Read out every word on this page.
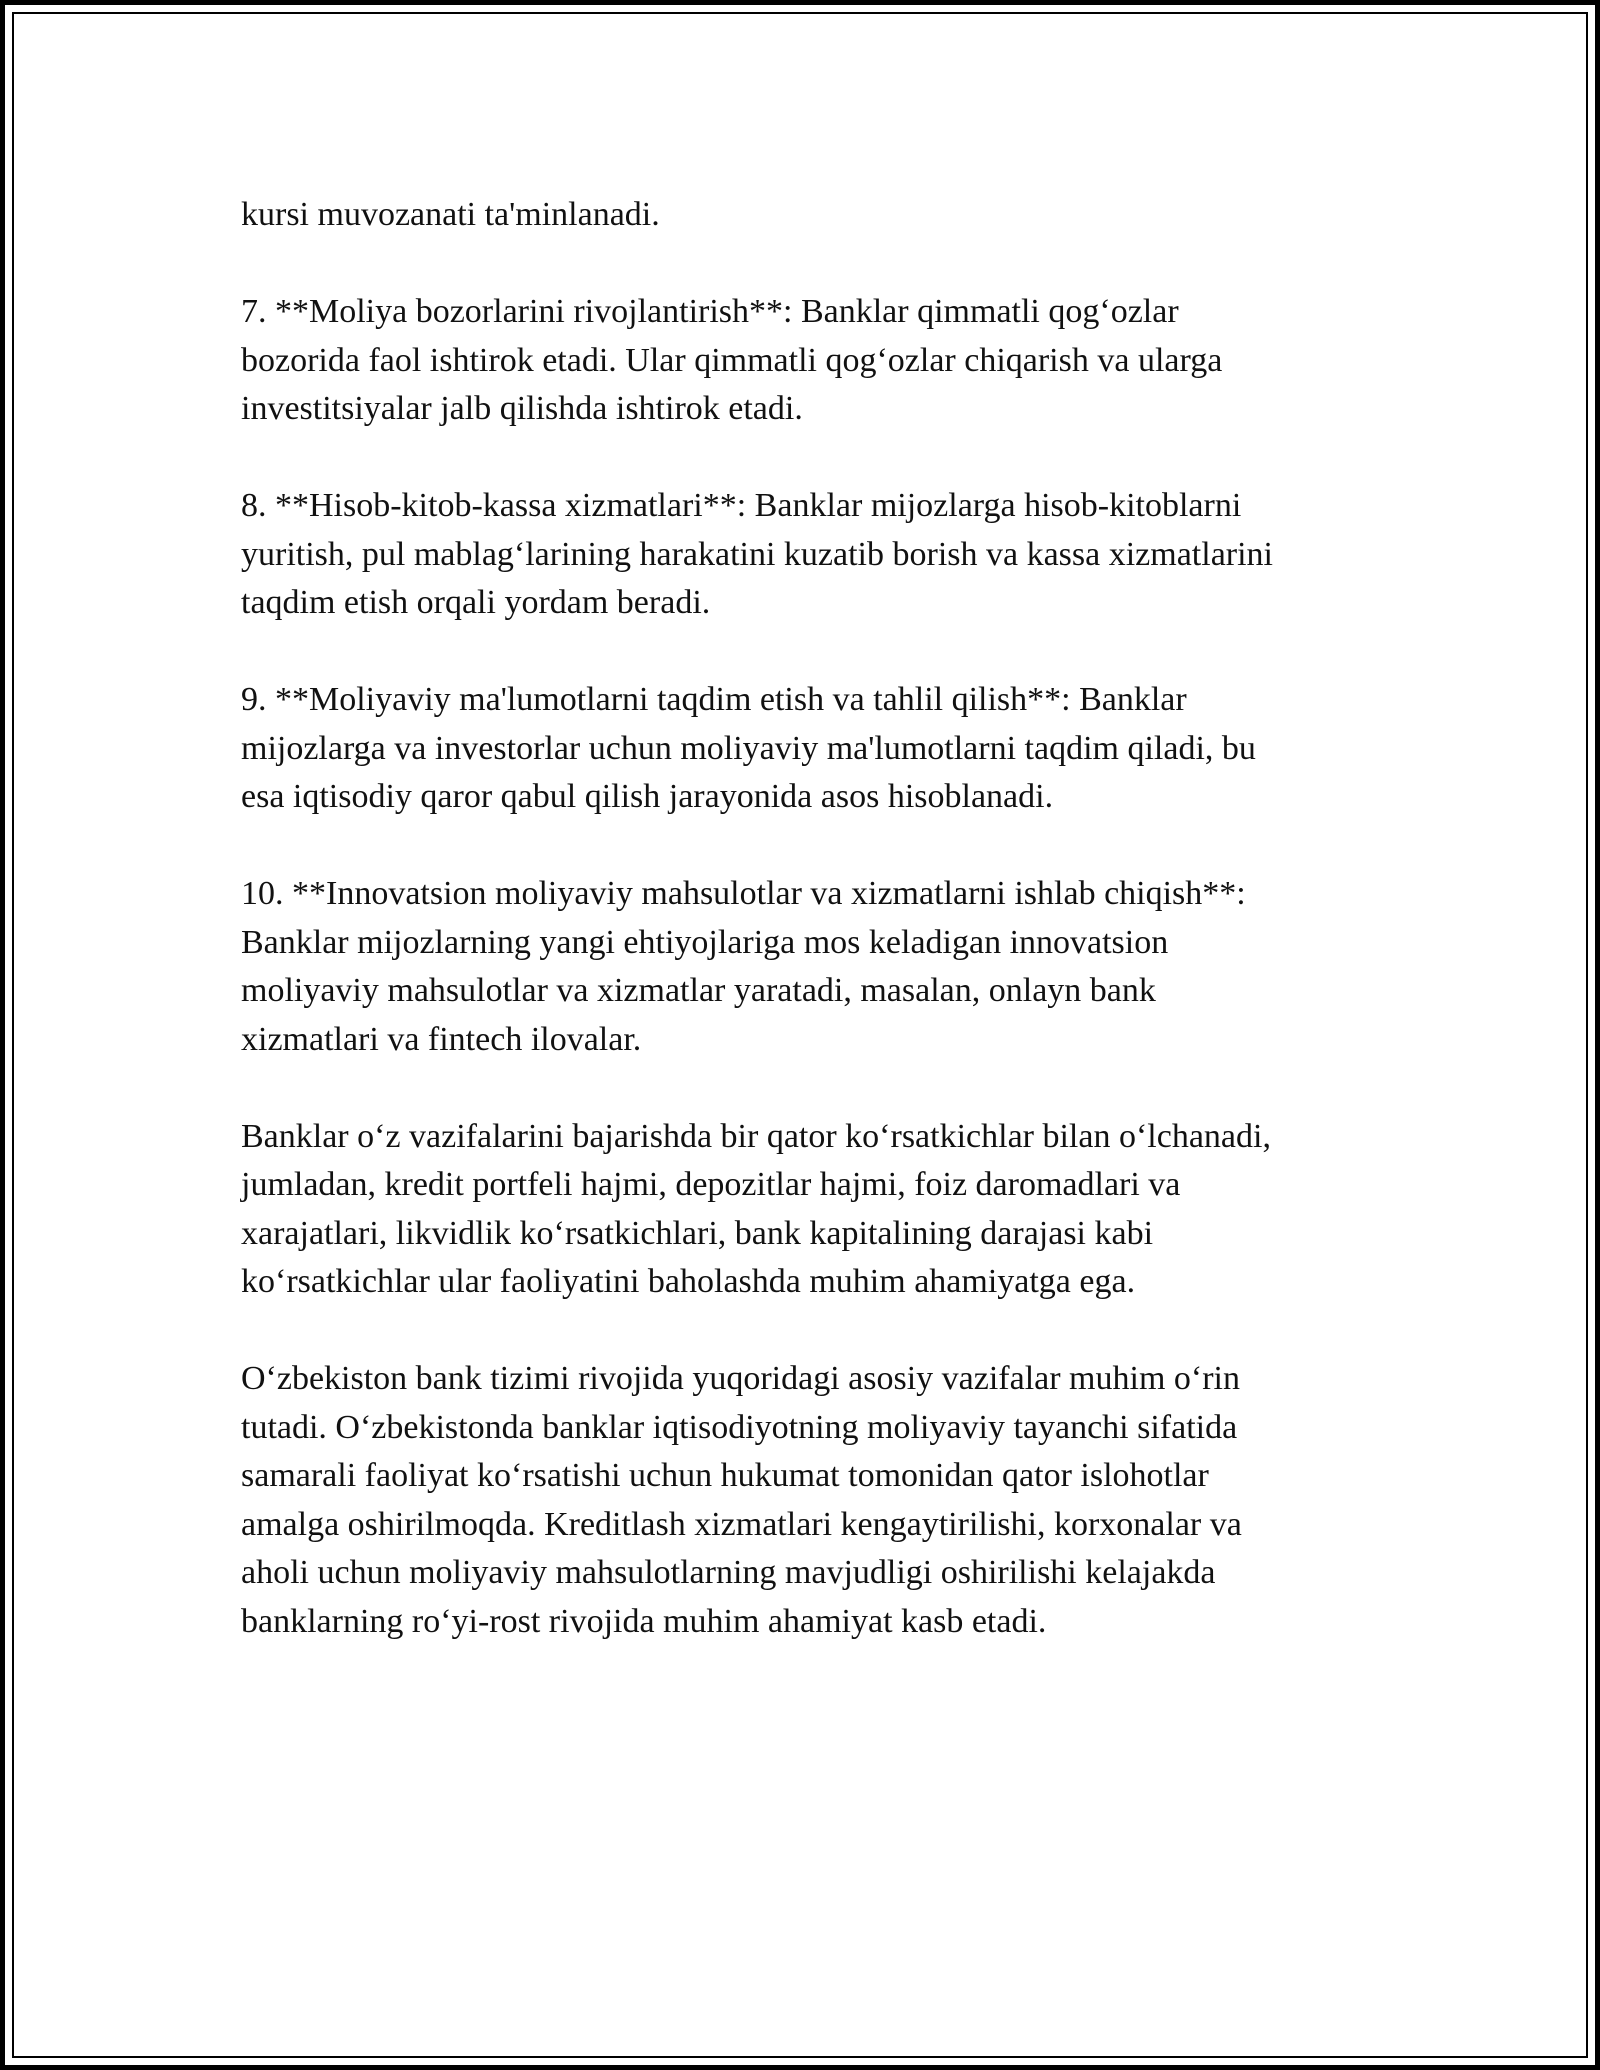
kursi muvozanati ta'minlanadi.

7. **Moliya bozorlarini rivojlantirish**: Banklar qimmatli qog‘ozlar
bozorida faol ishtirok etadi. Ular qimmatli qog‘ozlar chiqarish va ularga
investitsiyalar jalb qilishda ishtirok etadi.

8. **Hisob-kitob-kassa xizmatlari**: Banklar mijozlarga hisob-kitoblarni
yuritish, pul mablag‘larining harakatini kuzatib borish va kassa xizmatlarini
taqdim etish orqali yordam beradi.

9. **Moliyaviy ma'lumotlarni taqdim etish va tahlil qilish**: Banklar
mijozlarga va investorlar uchun moliyaviy ma'lumotlarni taqdim qiladi, bu
esa iqtisodiy qaror qabul qilish jarayonida asos hisoblanadi.

10. **Innovatsion moliyaviy mahsulotlar va xizmatlarni ishlab chiqish**:
Banklar mijozlarning yangi ehtiyojlariga mos keladigan innovatsion
moliyaviy mahsulotlar va xizmatlar yaratadi, masalan, onlayn bank
xizmatlari va fintech ilovalar.

Banklar o‘z vazifalarini bajarishda bir qator ko‘rsatkichlar bilan o‘lchanadi,
jumladan, kredit portfeli hajmi, depozitlar hajmi, foiz daromadlari va
xarajatlari, likvidlik ko‘rsatkichlari, bank kapitalining darajasi kabi
ko‘rsatkichlar ular faoliyatini baholashda muhim ahamiyatga ega.

O‘zbekiston bank tizimi rivojida yuqoridagi asosiy vazifalar muhim o‘rin
tutadi. O‘zbekistonda banklar iqtisodiyotning moliyaviy tayanchi sifatida
samarali faoliyat ko‘rsatishi uchun hukumat tomonidan qator islohotlar
amalga oshirilmoqda. Kreditlash xizmatlari kengaytirilishi, korxonalar va
aholi uchun moliyaviy mahsulotlarning mavjudligi oshirilishi kelajakda
banklarning ro‘yi-rost rivojida muhim ahamiyat kasb etadi.
